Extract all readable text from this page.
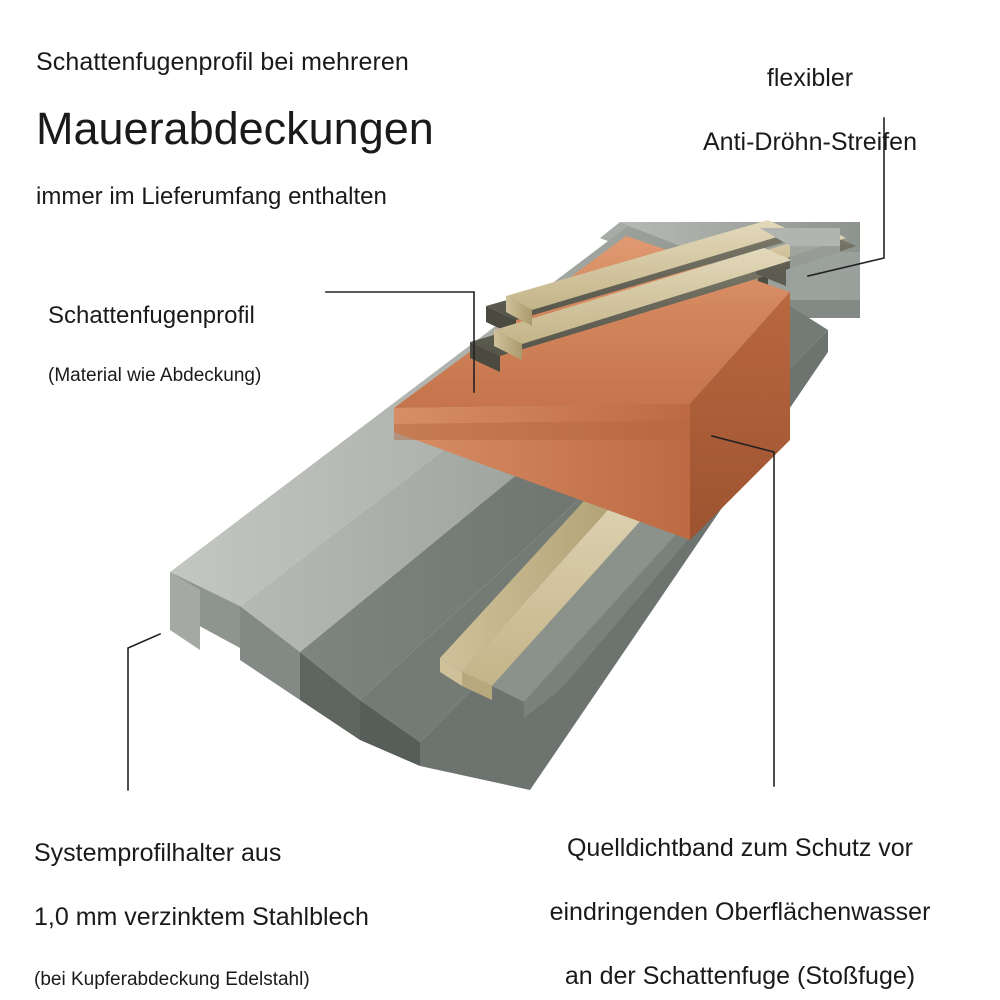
Schattenfugenprofil bei mehreren

Mauerabdeckungen

immer im Lieferumfang enthalten

flexibler

Anti-Dröhn-Streifen

Schattenfugenprofil

(Material wie Abdeckung)

Systemprofilhalter aus

1,0 mm verzinktem Stahlblech

(bei Kupferabdeckung Edelstahl)

Quelldichtband zum Schutz vor

eindringenden Oberflächenwasser

an der Schattenfuge (Stoßfuge)
